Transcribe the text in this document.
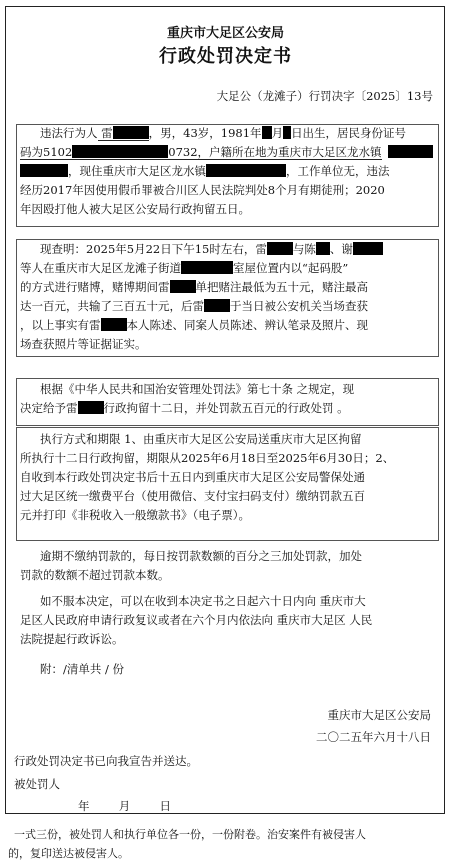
重庆市大足区公安局
行政处罚决定书
大足公（龙滩子）行罚决字〔2025〕13号
违法行为人 雷	，男，43岁，1981年 月 日出生，居民身份证号
码为5102	0732，户籍所在地为重庆市大足区龙水镇
，现住重庆市大足区龙水镇	，工作单位无，违法
经历2017年因使用假币罪被合川区人民法院判处8个月有期徒刑；2020
年因殴打他人被大足区公安局行政拘留五日。
现查明：2025年5月22日下午15时左右，雷 与陈 、谢
等人在重庆市大足区龙滩子街道	室屋位置内以“起码股”
的方式进行赌博，赌博期间雷 单把赌注最低为五十元，赌注最高
达一百元，共输了三百五十元，后雷 于当日被公安机关当场查获
，以上事实有雷 本人陈述、同案人员陈述、辨认笔录及照片、现
场查获照片等证据证实。
根据《中华人民共和国治安管理处罚法》第七十条 之规定，现
决定给予雷 行政拘留十二日，并处罚款五百元的行政处罚 。
执行方式和期限 1、由重庆市大足区公安局送重庆市大足区拘留
所执行十二日行政拘留，期限从2025年6月18日至2025年6月30日；2、
自收到本行政处罚决定书后十五日内到重庆市大足区公安局警保处通
过大足区统一缴费平台（使用微信、支付宝扫码支付）缴纳罚款五百
元并打印《非税收入一般缴款书》（电子票）。
逾期不缴纳罚款的，每日按罚款数额的百分之三加处罚款，加处
罚款的数额不超过罚款本数。
如不服本决定，可以在收到本决定书之日起六十日内向 重庆市大
足区人民政府申请行政复议或者在六个月内依法向 重庆市大足区 人民
法院提起行政诉讼。
附：/清单共 / 份
重庆市大足区公安局
二〇二五年六月十八日
行政处罚决定书已向我宣告并送达。
被处罚人
年        月        日
一式三份，被处罚人和执行单位各一份，一份附卷。治安案件有被侵害人
的，复印送达被侵害人。
